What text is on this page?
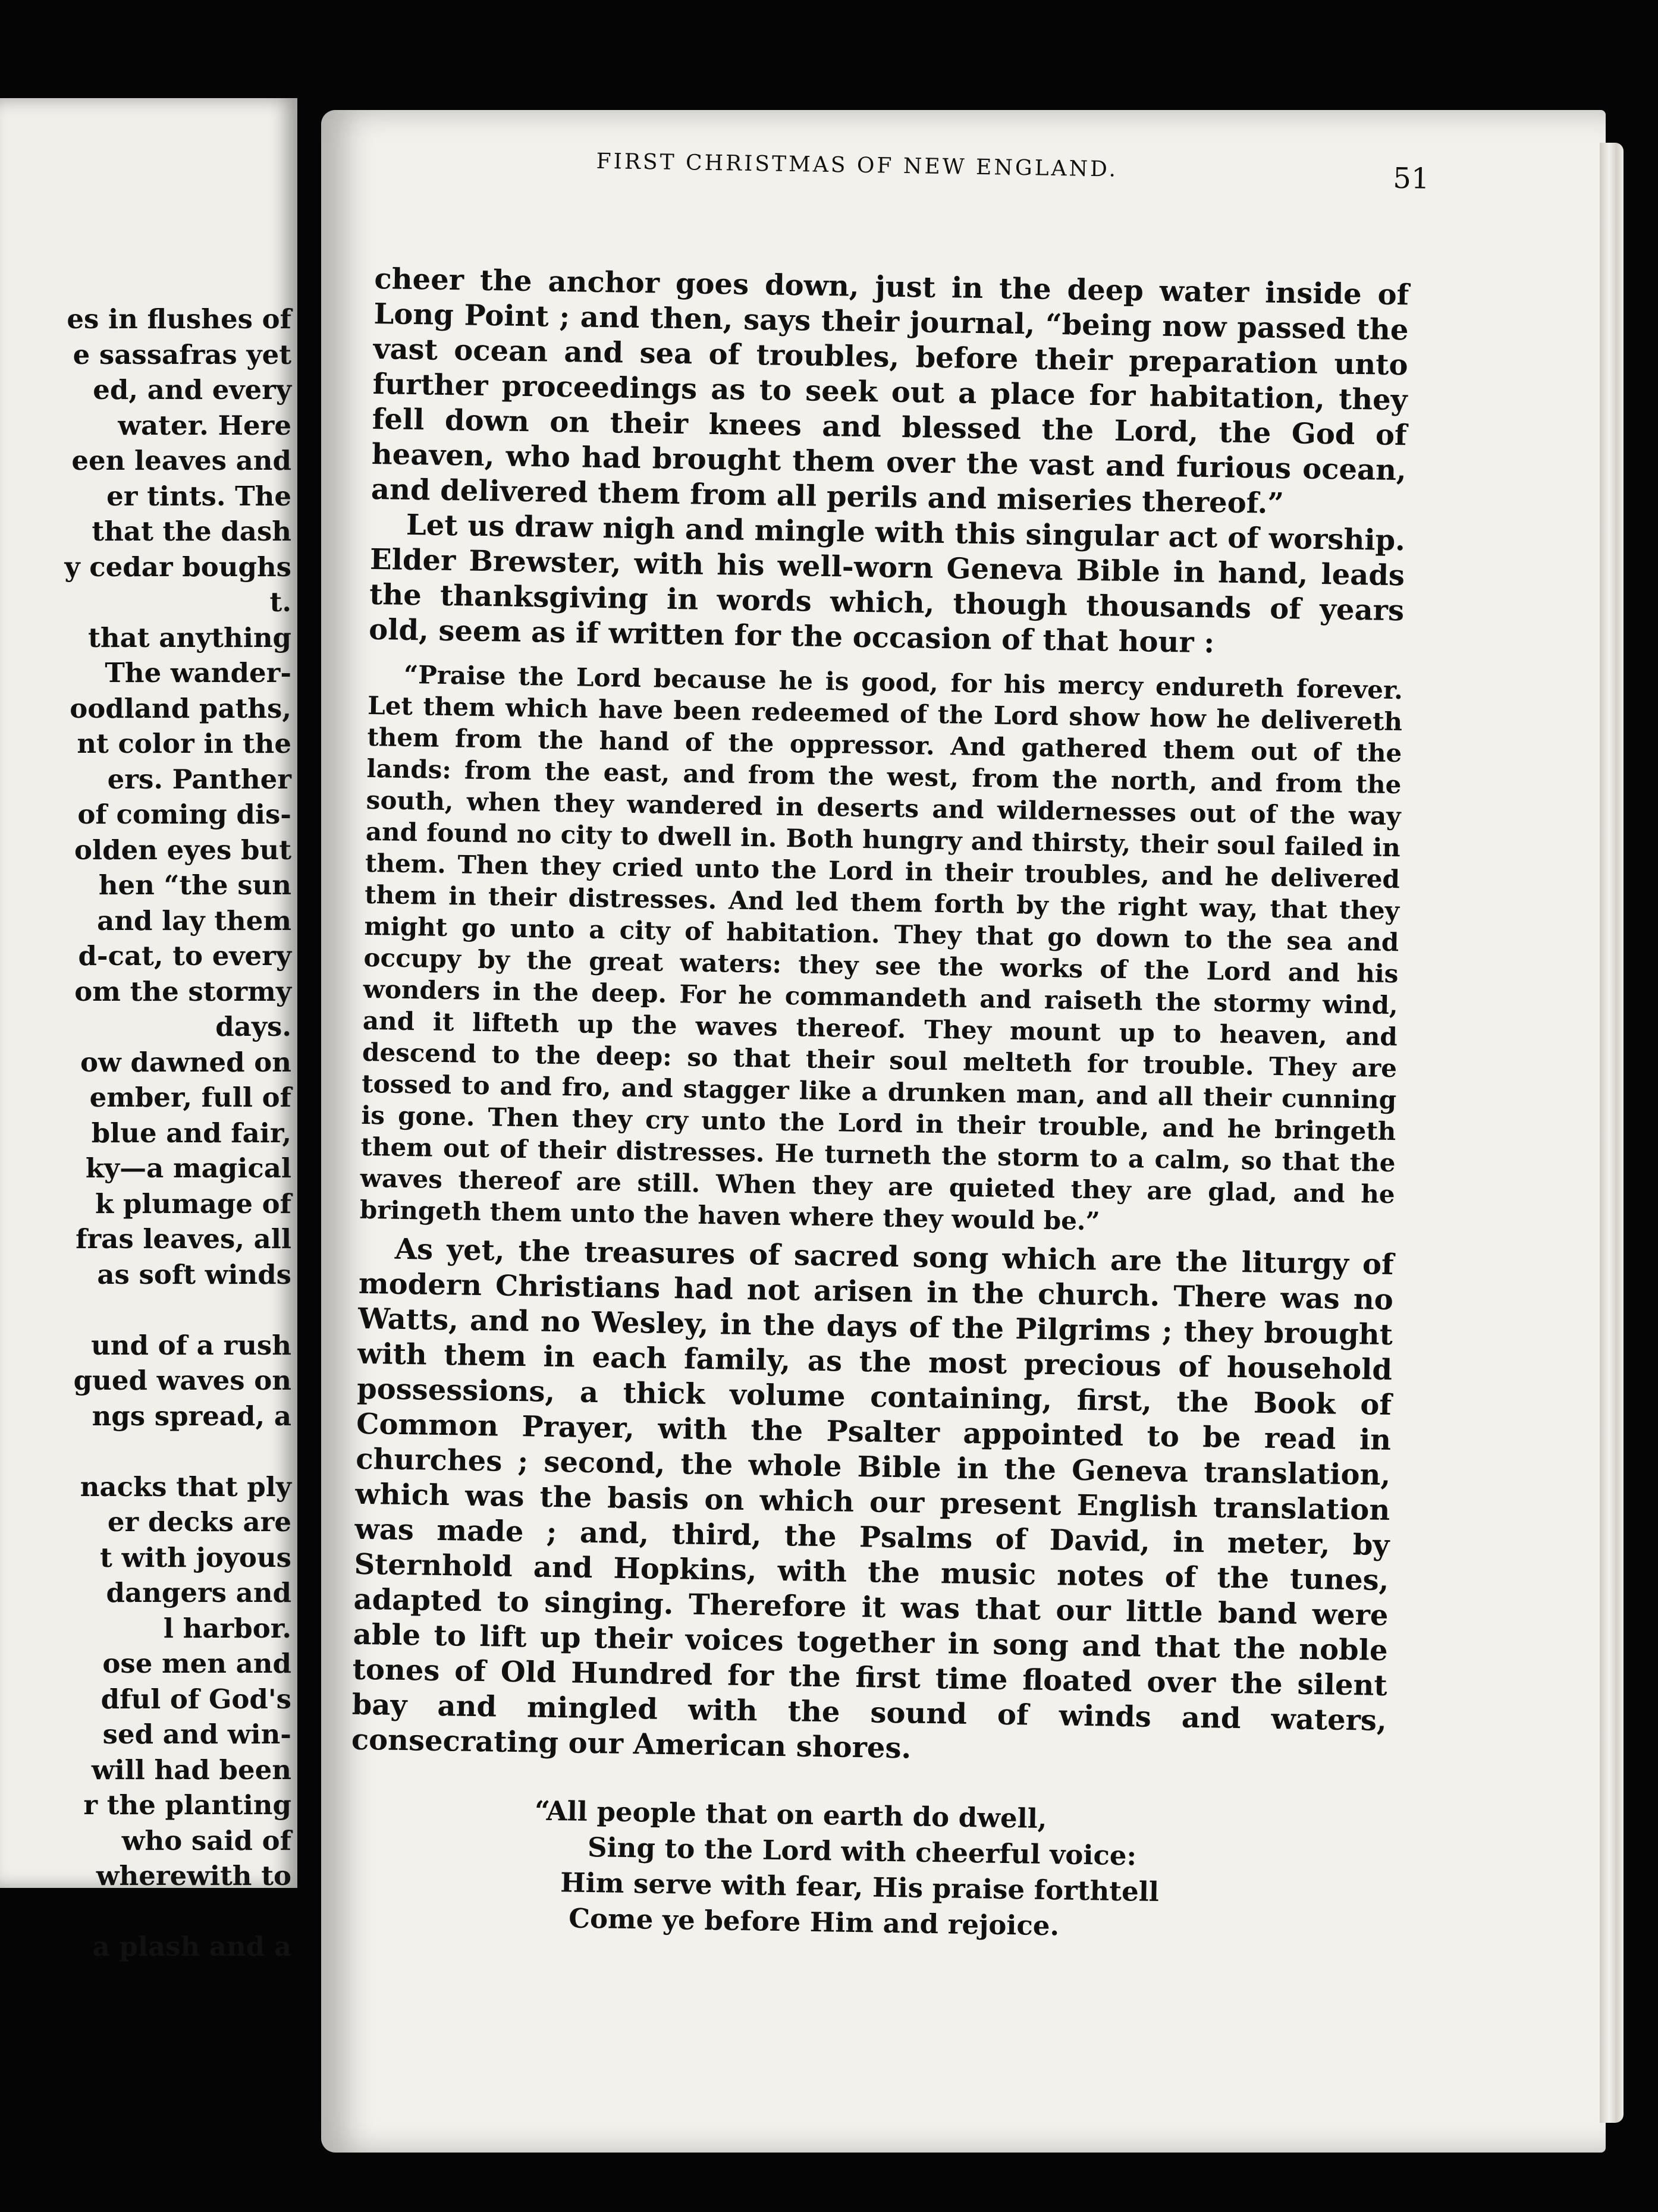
es in flushes of
e sassafras yet
ed, and every
water. Here
een leaves and
er tints. The
that the dash
y cedar boughs
t.
that anything
The wander-
oodland paths,
nt color in the
ers. Panther
of coming dis-
olden eyes but
hen “the sun
and lay them
d-cat, to every
om the stormy
days.
ow dawned on
ember, full of
blue and fair,
ky—a magical
k plumage of
fras leaves, all
as soft winds
und of a rush
gued waves on
ngs spread, a
nacks that ply
er decks are
t with joyous
dangers and
l harbor.
ose men and
dful of God's
sed and win-
will had been
r the planting
who said of
wherewith to
a plash and a
FIRST CHRISTMAS OF NEW ENGLAND.	51

cheer the anchor goes down, just in the deep water inside of Long Point ; and then, says their journal, “being now passed the vast ocean and sea of troubles, before their preparation unto further proceedings as to seek out a place for habitation, they fell down on their knees and blessed the Lord, the God of heaven, who had brought them over the vast and furious ocean, and delivered them from all perils and miseries thereof.”

Let us draw nigh and mingle with this singular act of worship. Elder Brewster, with his well-worn Geneva Bible in hand, leads the thanksgiving in words which, though thousands of years old, seem as if written for the occasion of that hour :

“Praise the Lord because he is good, for his mercy endureth forever. Let them which have been redeemed of the Lord show how he delivereth them from the hand of the oppressor. And gathered them out of the lands: from the east, and from the west, from the north, and from the south, when they wandered in deserts and wildernesses out of the way and found no city to dwell in. Both hungry and thirsty, their soul failed in them. Then they cried unto the Lord in their troubles, and he delivered them in their distresses. And led them forth by the right way, that they might go unto a city of habitation. They that go down to the sea and occupy by the great waters: they see the works of the Lord and his wonders in the deep. For he commandeth and raiseth the stormy wind, and it lifteth up the waves thereof. They mount up to heaven, and descend to the deep: so that their soul melteth for trouble. They are tossed to and fro, and stagger like a drunken man, and all their cunning is gone. Then they cry unto the Lord in their trouble, and he bringeth them out of their distresses. He turneth the storm to a calm, so that the waves thereof are still. When they are quieted they are glad, and he bringeth them unto the haven where they would be.”

As yet, the treasures of sacred song which are the liturgy of modern Christians had not arisen in the church. There was no Watts, and no Wesley, in the days of the Pilgrims ; they brought with them in each family, as the most precious of household possessions, a thick volume containing, first, the Book of Common Prayer, with the Psalter appointed to be read in churches ; second, the whole Bible in the Geneva translation, which was the basis on which our present English translation was made ; and, third, the Psalms of David, in meter, by Sternhold and Hopkins, with the music notes of the tunes, adapted to singing. Therefore it was that our little band were able to lift up their voices together in song and that the noble tones of Old Hundred for the first time floated over the silent bay and mingled with the sound of winds and waters, consecrating our American shores.

“All people that on earth do dwell,
Sing to the Lord with cheerful voice:
Him serve with fear, His praise forthtell
Come ye before Him and rejoice.
